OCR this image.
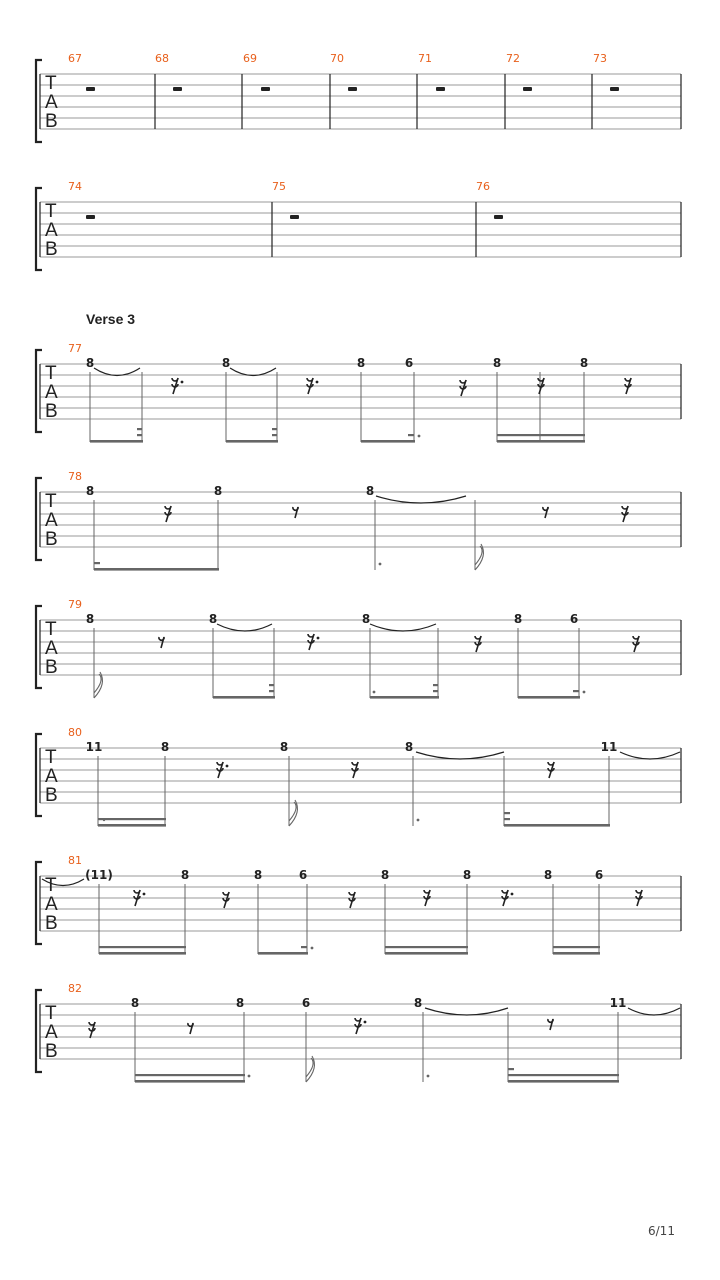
T
A
B
67	68	69	70	71	72	73
T
A
B
74	75	76
Verse 3
T
A
B
77
8	8	8	6	8	8
T
A
B
78
8	8	8
T
A
B
79
8	8	8	8	6
T
A
B
80
11	8	8	8	11
T
A
B
81
(11)	8	8	6	8	8	8	6
T
A
B
82
8	8	6	8	11
6/11
